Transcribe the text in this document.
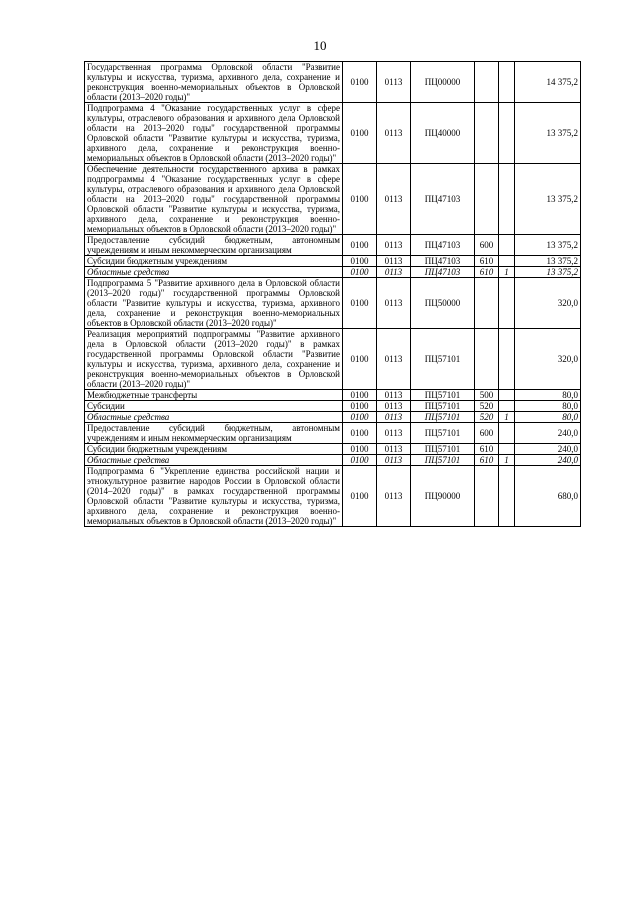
10
Государственная программа Орловской области "Развитие культуры и искусства, туризма, архивного дела, сохранение и реконструкция военно-мемориальных объектов в Орловской области (2013–2020 годы)"	0100	0113	ПЦ00000			14 375,2
Подпрограмма 4 "Оказание государственных услуг в сфере культуры, отраслевого образования и архивного дела Орловской области на 2013–2020 годы" государственной программы Орловской области "Развитие культуры и искусства, туризма, архивного дела, сохранение и реконструкция военно-мемориальных объектов в Орловской области (2013–2020 годы)"	0100	0113	ПЦ40000			13 375,2
Обеспечение деятельности государственного архива в рамках подпрограммы 4 "Оказание государственных услуг в сфере культуры, отраслевого образования и архивного дела Орловской области на 2013–2020 годы" государственной программы Орловской области "Развитие культуры и искусства, туризма, архивного дела, сохранение и реконструкция военно-мемориальных объектов в Орловской области (2013–2020 годы)"	0100	0113	ПЦ47103			13 375,2
Предоставление субсидий бюджетным, автономным учреждениям и иным некоммерческим организациям	0100	0113	ПЦ47103	600		13 375,2
Субсидии бюджетным учреждениям	0100	0113	ПЦ47103	610		13 375,2
Областные средства	0100	0113	ПЦ47103	610	1	13 375,2
Подпрограмма 5 "Развитие архивного дела в Орловской области (2013–2020 годы)" государственной программы Орловской области "Развитие культуры и искусства, туризма, архивного дела, сохранение и реконструкция военно-мемориальных объектов в Орловской области (2013–2020 годы)"	0100	0113	ПЦ50000			320,0
Реализация мероприятий подпрограммы "Развитие архивного дела в Орловской области (2013–2020 годы)" в рамках государственной программы Орловской области "Развитие культуры и искусства, туризма, архивного дела, сохранение и реконструкция военно-мемориальных объектов в Орловской области (2013–2020 годы)"	0100	0113	ПЦ57101			320,0
Межбюджетные трансферты	0100	0113	ПЦ57101	500		80,0
Субсидии	0100	0113	ПЦ57101	520		80,0
Областные средства	0100	0113	ПЦ57101	520	1	80,0
Предоставление субсидий бюджетным, автономным учреждениям и иным некоммерческим организациям	0100	0113	ПЦ57101	600		240,0
Субсидии бюджетным учреждениям	0100	0113	ПЦ57101	610		240,0
Областные средства	0100	0113	ПЦ57101	610	1	240,0
Подпрограмма 6 "Укрепление единства российской нации и этнокультурное развитие народов России в Орловской области (2014–2020 годы)" в рамках государственной программы Орловской области "Развитие культуры и искусства, туризма, архивного дела, сохранение и реконструкция военно-мемориальных объектов в Орловской области (2013–2020 годы)"	0100	0113	ПЦ90000			680,0
